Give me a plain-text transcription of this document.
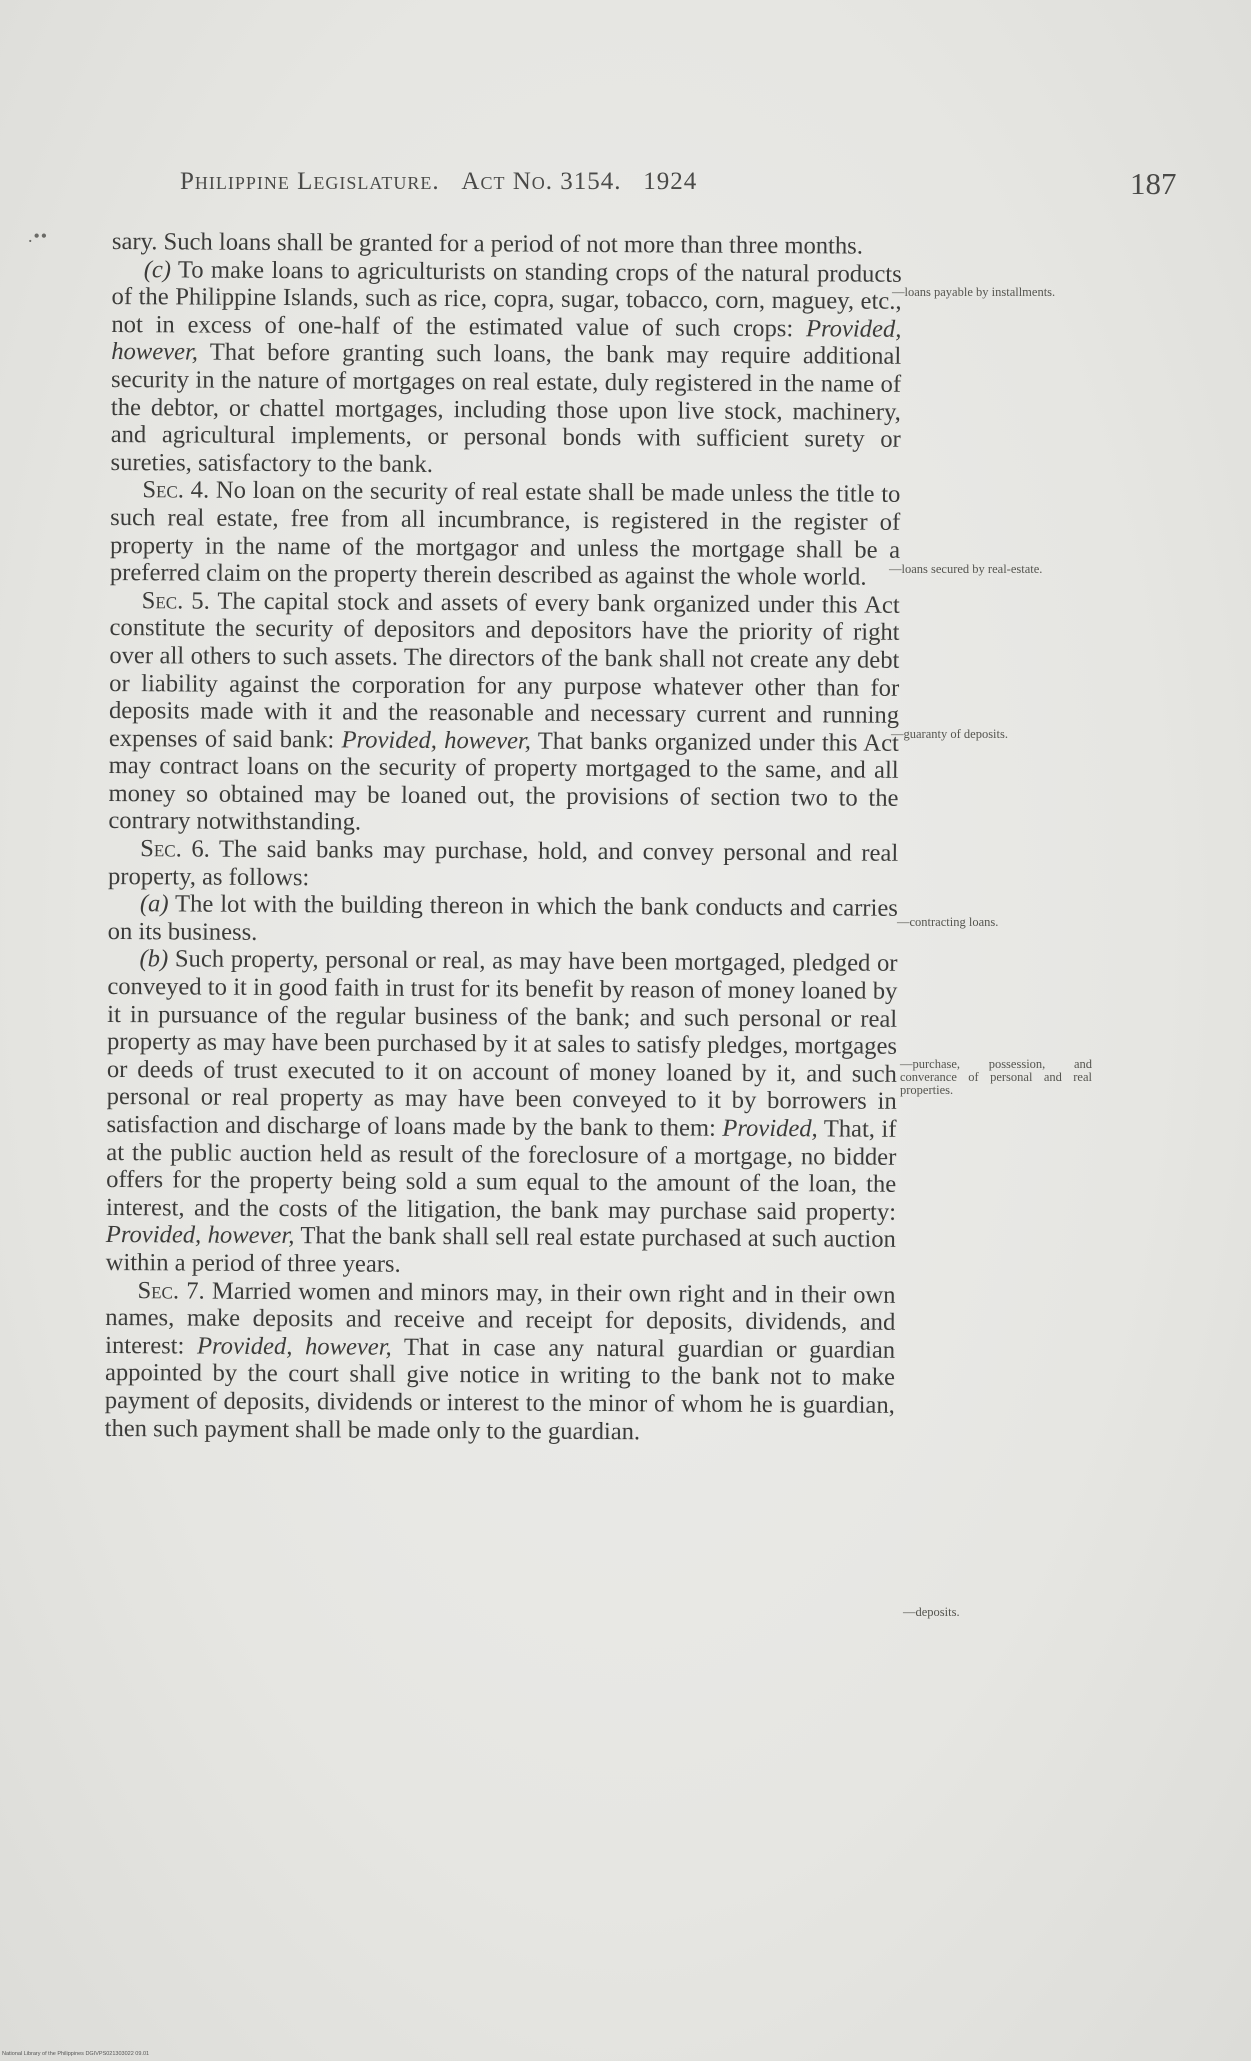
.••
Philippine Legislature. Act No. 3154. 1924	187

sary. Such loans shall be granted for a period of not more than three months.

(c) To make loans to agriculturists on standing crops of the natural products of the Philippine Islands, such as rice, copra, sugar, tobacco, corn, maguey, etc., not in excess of one-half of the estimated value of such crops: Provided, however, That before granting such loans, the bank may require additional security in the nature of mortgages on real estate, duly registered in the name of the debtor, or chattel mortgages, including those upon live stock, machinery, and agricultural implements, or personal bonds with sufficient surety or sureties, satisfactory to the bank.

Sec. 4. No loan on the security of real estate shall be made unless the title to such real estate, free from all incumbrance, is registered in the register of property in the name of the mortgagor and unless the mortgage shall be a preferred claim on the property therein described as against the whole world.

Sec. 5. The capital stock and assets of every bank organized under this Act constitute the security of depositors and depositors have the priority of right over all others to such assets. The directors of the bank shall not create any debt or liability against the corporation for any purpose whatever other than for deposits made with it and the reasonable and necessary current and running expenses of said bank: Provided, however, That banks organized under this Act may contract loans on the security of property mortgaged to the same, and all money so obtained may be loaned out, the provisions of section two to the contrary notwithstanding.

Sec. 6. The said banks may purchase, hold, and convey personal and real property, as follows:

(a) The lot with the building thereon in which the bank conducts and carries on its business.

(b) Such property, personal or real, as may have been mortgaged, pledged or conveyed to it in good faith in trust for its benefit by reason of money loaned by it in pursuance of the regular business of the bank; and such personal or real property as may have been purchased by it at sales to satisfy pledges, mortgages or deeds of trust executed to it on account of money loaned by it, and such personal or real property as may have been conveyed to it by borrowers in satisfaction and discharge of loans made by the bank to them: Provided, That, if at the public auction held as result of the foreclosure of a mortgage, no bidder offers for the property being sold a sum equal to the amount of the loan, the interest, and the costs of the litigation, the bank may purchase said property: Provided, however, That the bank shall sell real estate purchased at such auction within a period of three years.

Sec. 7. Married women and minors may, in their own right and in their own names, make deposits and receive and receipt for deposits, dividends, and interest: Provided, however, That in case any natural guardian or guardian appointed by the court shall give notice in writing to the bank not to make payment of deposits, dividends or interest to the minor of whom he is guardian, then such payment shall be made only to the guardian.

—loans payable by installments.
—loans secured by real-estate.
—guaranty of deposits.
—contracting loans.
—purchase, possession, and converance of personal and real properties.
—deposits.
National Library of the Philippines DGIVPS021303022 09.01
